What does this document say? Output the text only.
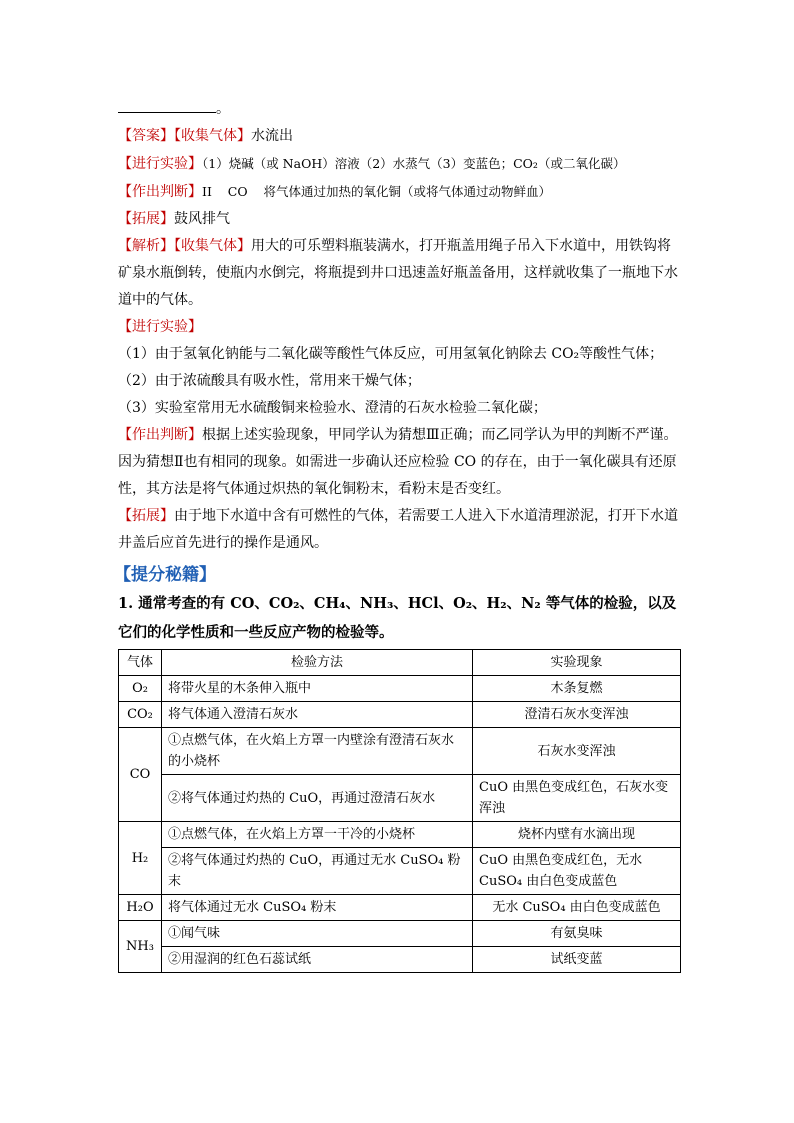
。
【答案】【收集气体】水流出
【进行实验】（1）烧碱（或 NaOH）溶液（2）水蒸气（3）变蓝色；CO₂（或二氧化碳）
【作出判断】II    CO    将气体通过加热的氧化铜（或将气体通过动物鲜血）
【拓展】鼓风排气
【解析】【收集气体】用大的可乐塑料瓶装满水，打开瓶盖用绳子吊入下水道中，用铁钩将矿泉水瓶倒转，使瓶内水倒完，将瓶提到井口迅速盖好瓶盖备用，这样就收集了一瓶地下水道中的气体。
【进行实验】
（1）由于氢氧化钠能与二氧化碳等酸性气体反应，可用氢氧化钠除去 CO₂等酸性气体；
（2）由于浓硫酸具有吸水性，常用来干燥气体；
（3）实验室常用无水硫酸铜来检验水、澄清的石灰水检验二氧化碳；
【作出判断】根据上述实验现象，甲同学认为猜想Ⅲ正确；而乙同学认为甲的判断不严谨。因为猜想Ⅱ也有相同的现象。如需进一步确认还应检验 CO 的存在，由于一氧化碳具有还原性，其方法是将气体通过炽热的氧化铜粉末，看粉末是否变红。
【拓展】由于地下水道中含有可燃性的气体，若需要工人进入下水道清理淤泥，打开下水道井盖后应首先进行的操作是通风。
【提分秘籍】
1. 通常考查的有 CO、CO₂、CH₄、NH₃、HCl、O₂、H₂、N₂ 等气体的检验，以及它们的化学性质和一些反应产物的检验等。
气体	检验方法	实验现象
O₂	将带火星的木条伸入瓶中	木条复燃
CO₂	将气体通入澄清石灰水	澄清石灰水变浑浊
CO	①点燃气体，在火焰上方罩一内壁涂有澄清石灰水的小烧杯	石灰水变浑浊
	②将气体通过灼热的 CuO，再通过澄清石灰水	CuO 由黑色变成红色，石灰水变浑浊
H₂	①点燃气体，在火焰上方罩一干冷的小烧杯	烧杯内壁有水滴出现
	②将气体通过灼热的 CuO，再通过无水 CuSO₄ 粉末	CuO 由黑色变成红色，无水 CuSO₄ 由白色变成蓝色
H₂O	将气体通过无水 CuSO₄ 粉末	无水 CuSO₄ 由白色变成蓝色
NH₃	①闻气味	有氨臭味
	②用湿润的红色石蕊试纸	试纸变蓝
